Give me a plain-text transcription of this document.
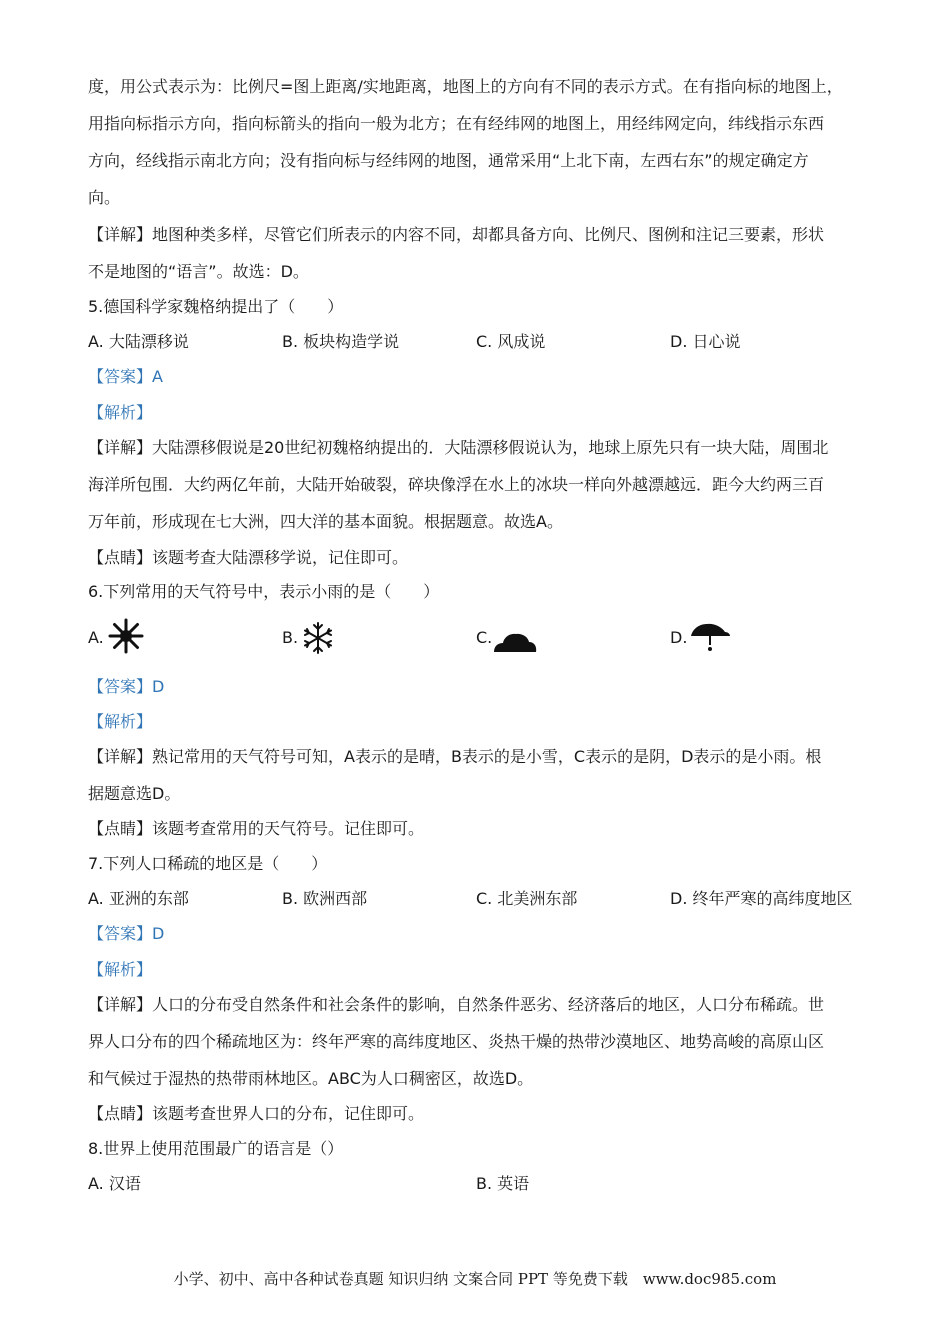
度，用公式表示为：比例尺=图上距离/实地距离，地图上的方向有不同的表示方式。在有指向标的地图上，
用指向标指示方向，指向标箭头的指向一般为北方；在有经纬网的地图上，用经纬网定向，纬线指示东西
方向，经线指示南北方向；没有指向标与经纬网的地图，通常采用“上北下南，左西右东”的规定确定方
向。
【详解】地图种类多样，尽管它们所表示的内容不同，却都具备方向、比例尺、图例和注记三要素，形状
不是地图的“语言”。故选：D。
5.德国科学家魏格纳提出了（　　）
A. 大陆漂移说	B. 板块构造学说	C. 风成说	D. 日心说
【答案】A
【解析】
【详解】大陆漂移假说是20世纪初魏格纳提出的．大陆漂移假说认为，地球上原先只有一块大陆，周围北
海洋所包围．大约两亿年前，大陆开始破裂，碎块像浮在水上的冰块一样向外越漂越远．距今大约两三百
万年前，形成现在七大洲，四大洋的基本面貌。根据题意。故选A。
【点睛】该题考查大陆漂移学说，记住即可。
6.下列常用的天气符号中，表示小雨的是（　　）
A.	B.	C.	D.
【答案】D
【解析】
【详解】熟记常用的天气符号可知，A表示的是晴，B表示的是小雪，C表示的是阴，D表示的是小雨。根
据题意选D。
【点睛】该题考查常用的天气符号。记住即可。
7.下列人口稀疏的地区是（　　）
A. 亚洲的东部	B. 欧洲西部	C. 北美洲东部	D. 终年严寒的高纬度地区
【答案】D
【解析】
【详解】人口的分布受自然条件和社会条件的影响，自然条件恶劣、经济落后的地区，人口分布稀疏。世
界人口分布的四个稀疏地区为：终年严寒的高纬度地区、炎热干燥的热带沙漠地区、地势高峻的高原山区
和气候过于湿热的热带雨林地区。ABC为人口稠密区，故选D。
【点睛】该题考查世界人口的分布，记住即可。
8.世界上使用范围最广的语言是（）
A. 汉语	B. 英语
小学、初中、高中各种试卷真题 知识归纳 文案合同 PPT 等免费下载　www.doc985.com
